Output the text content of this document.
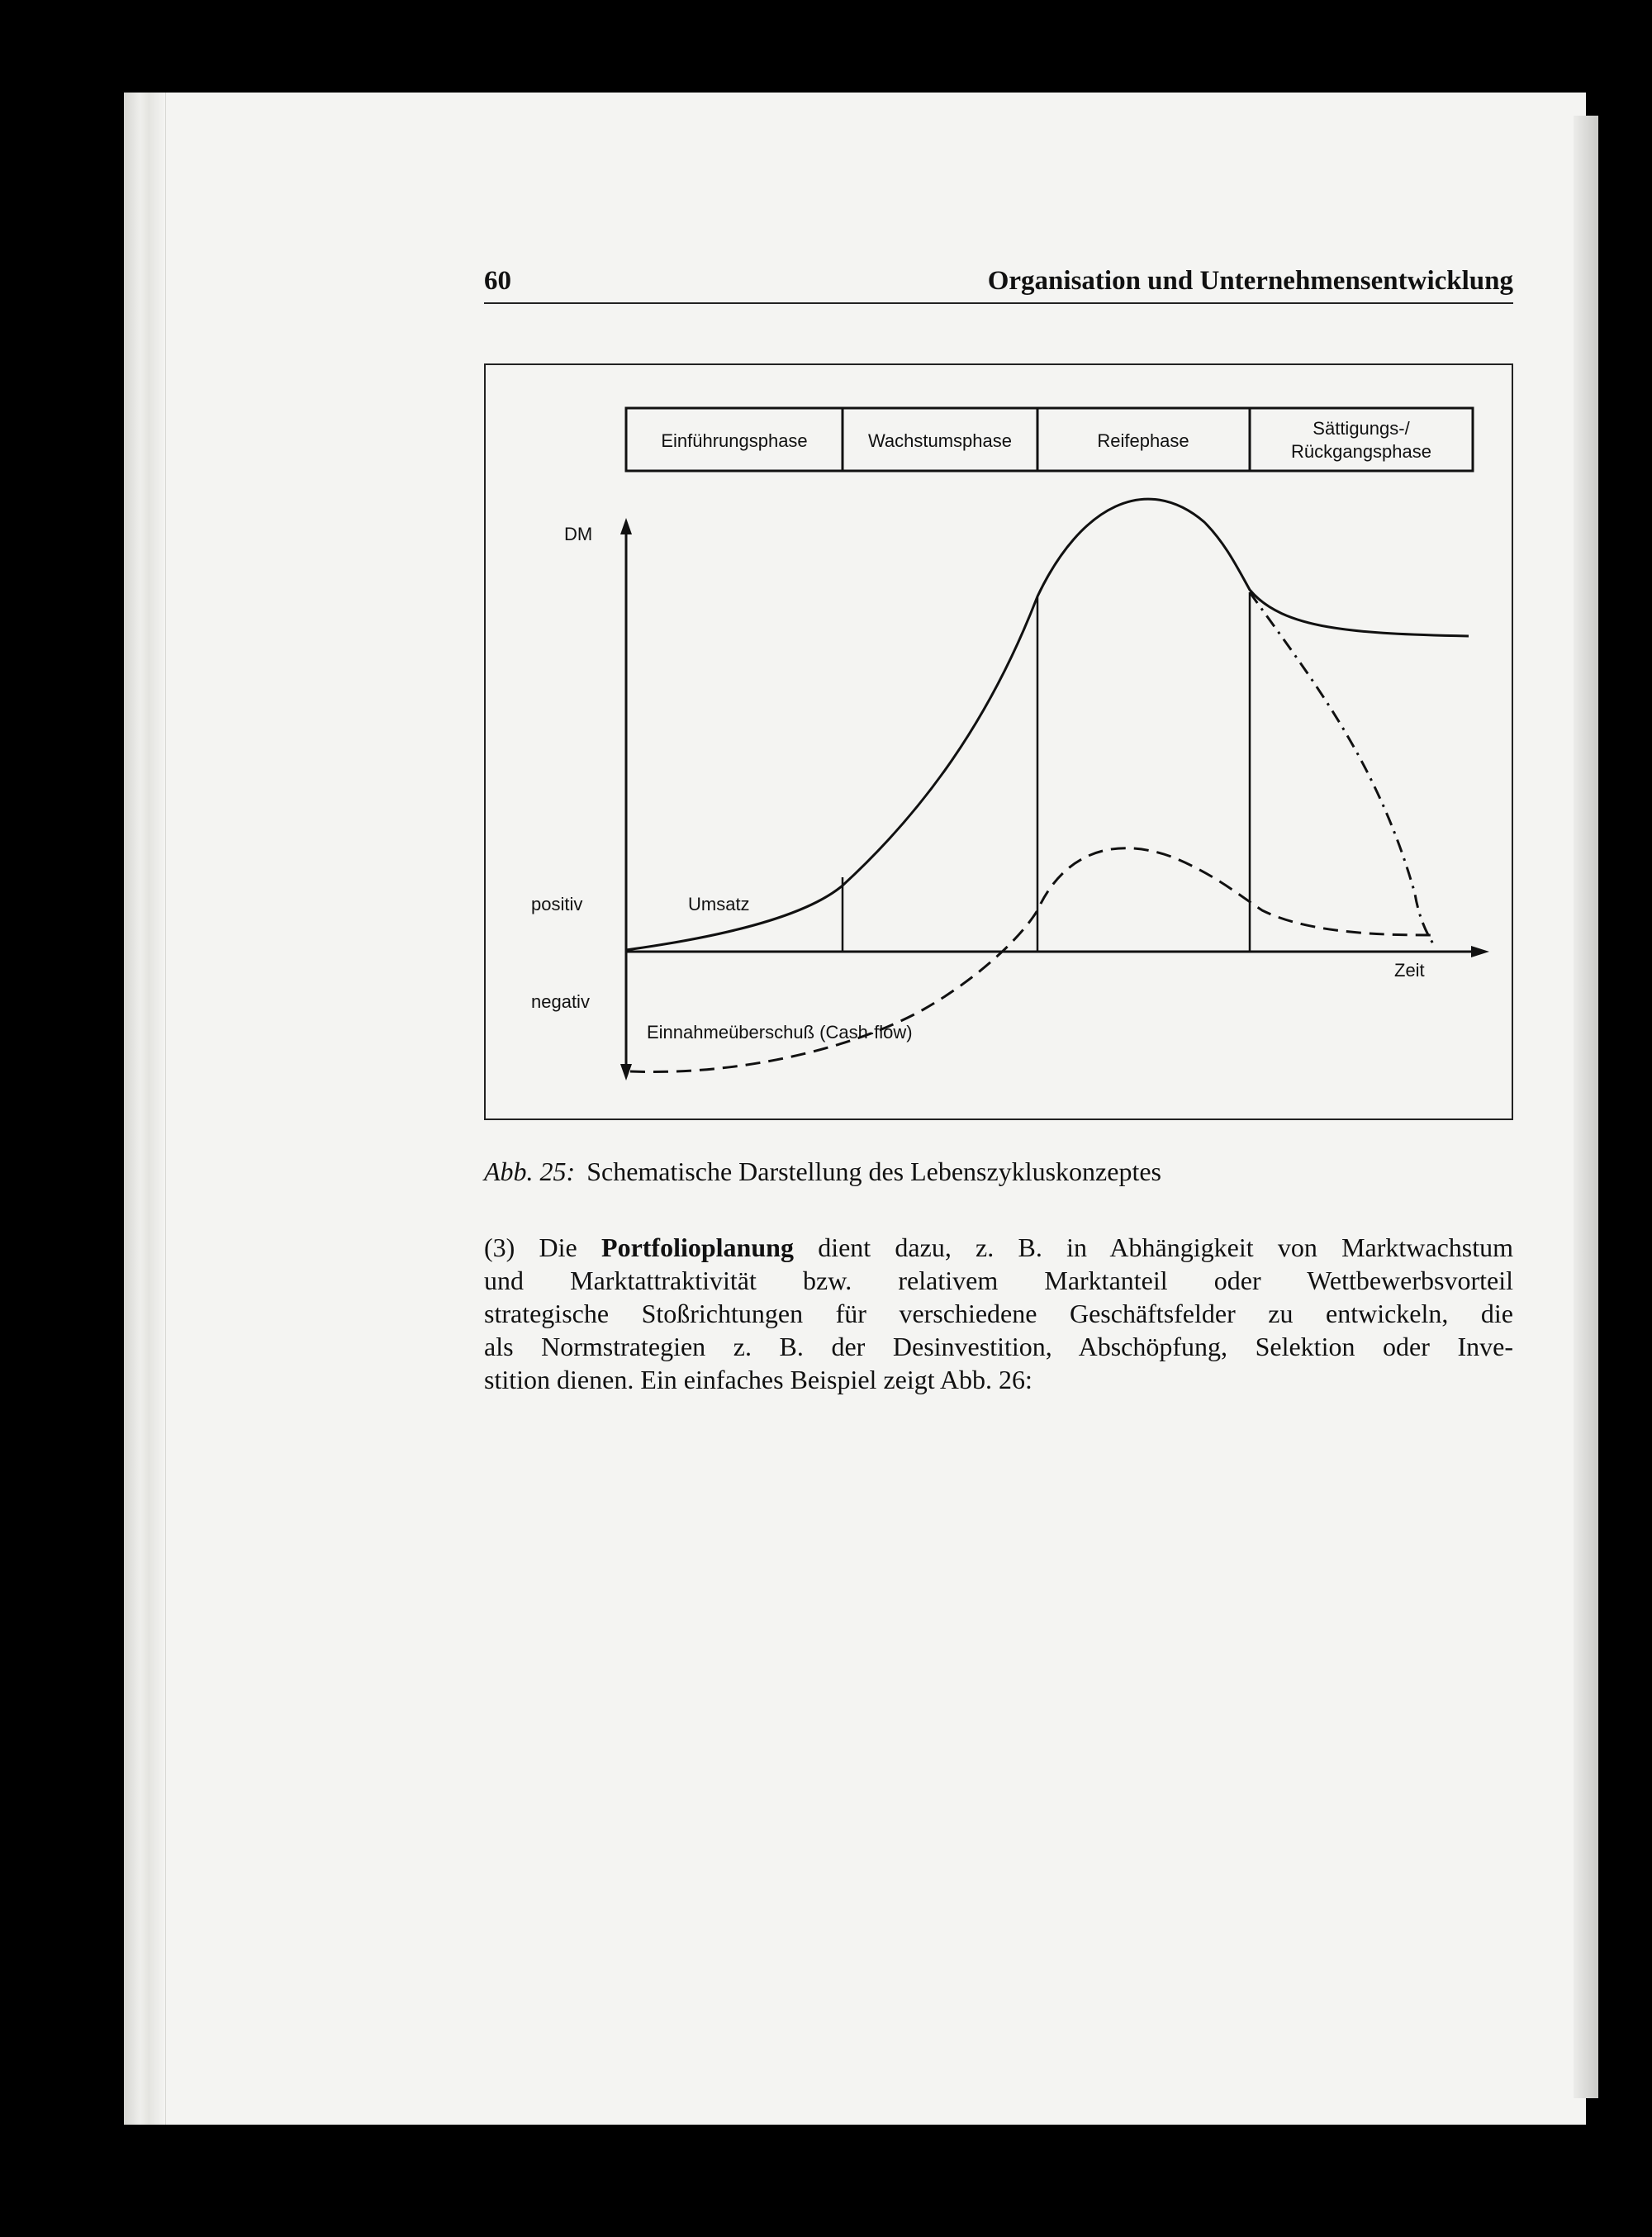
60	Organisation und Unternehmensentwicklung
Einführungsphase	Wachstumsphase	Reifephase
Sättigungs-/
Rückgangsphase
DM
Zeit
positiv
negativ
Umsatz
Einnahmeüberschuß (Cash-flow)
Abb. 25: Schematische Darstellung des Lebenszykluskonzeptes
(3) Die Portfolioplanung dient dazu, z. B. in Abhängigkeit von Marktwachstum
und Marktattraktivität bzw. relativem Marktanteil oder Wettbewerbsvorteil
strategische Stoßrichtungen für verschiedene Geschäftsfelder zu entwickeln, die
als Normstrategien z. B. der Desinvestition, Abschöpfung, Selektion oder Inve-
stition dienen. Ein einfaches Beispiel zeigt Abb. 26:
